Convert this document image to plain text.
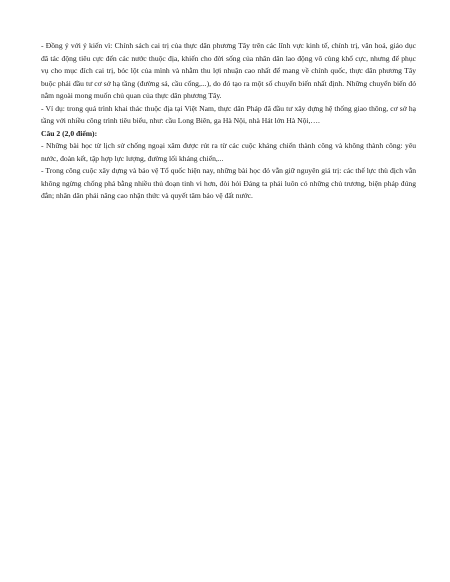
- Đồng ý với ý kiến vì: Chính sách cai trị của thực dân phương Tây trên các lĩnh vực kinh tế, chính trị, văn hoá, giáo dục đã tác động tiêu cực đến các nước thuộc địa, khiến cho đời sống của nhân dân lao động vô cùng khổ cực, nhưng để phục vụ cho mục đích cai trị, bóc lột của mình và nhằm thu lợi nhuận cao nhất để mang về chính quốc, thực dân phương Tây buộc phải đầu tư cơ sở hạ tầng (đường sá, cầu cống,...), do đó tạo ra một số chuyển biến nhất định. Những chuyển biến đó nằm ngoài mong muốn chủ quan của thực dân phương Tây.

- Ví dụ: trong quá trình khai thác thuộc địa tại Việt Nam, thực dân Pháp đã đầu tư xây dựng hệ thống giao thông, cơ sở hạ tầng với nhiều công trình tiêu biểu, như: cầu Long Biên, ga Hà Nội, nhà Hát lớn Hà Nội,….

Câu 2 (2,0 điểm):

- Những bài học từ lịch sử chống ngoại xâm được rút ra từ các cuộc kháng chiến thành công và không thành công: yêu nước, đoàn kết, tập hợp lực lượng, đường lối kháng chiến,...

- Trong công cuộc xây dựng và bảo vệ Tổ quốc hiện nay, những bài học đó vẫn giữ nguyên giá trị: các thế lực thù địch vẫn không ngừng chống phá bằng nhiều thủ đoạn tinh vi hơn, đòi hỏi Đảng ta phải luôn có những chủ trương, biện pháp đúng đắn; nhân dân phải nâng cao nhận thức và quyết tâm bảo vệ đất nước.
